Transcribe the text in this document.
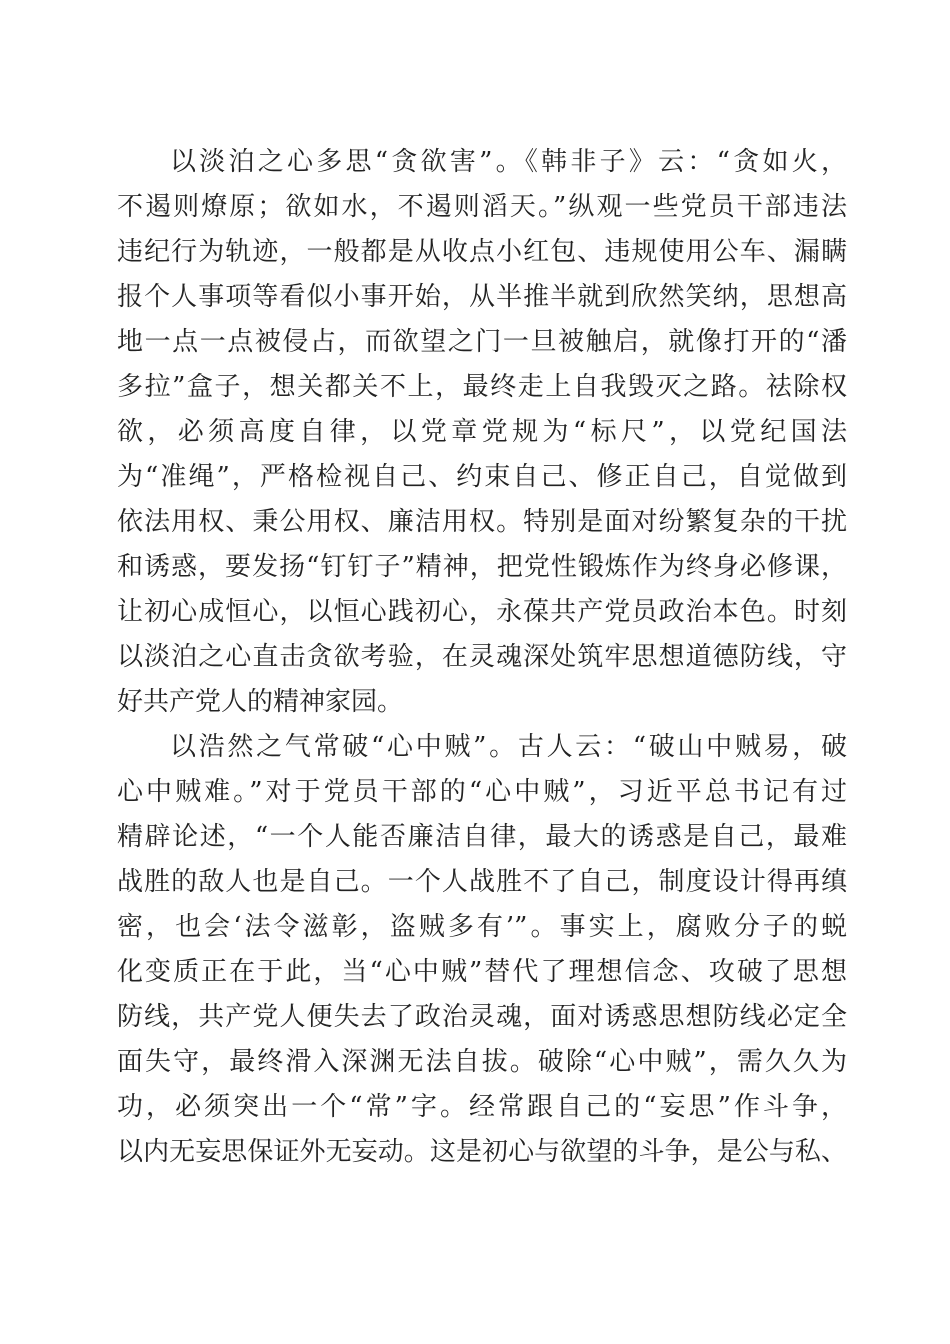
以淡泊之心多思“贪欲害”。《韩非子》云：“贪如火，
不遏则燎原；欲如水，不遏则滔天。”纵观一些党员干部违法
违纪行为轨迹，一般都是从收点小红包、违规使用公车、漏瞒
报个人事项等看似小事开始，从半推半就到欣然笑纳，思想高
地一点一点被侵占，而欲望之门一旦被触启，就像打开的“潘
多拉”盒子，想关都关不上，最终走上自我毁灭之路。祛除权
欲，必须高度自律，以党章党规为“标尺”，以党纪国法
为“准绳”，严格检视自己、约束自己、修正自己，自觉做到
依法用权、秉公用权、廉洁用权。特别是面对纷繁复杂的干扰
和诱惑，要发扬“钉钉子”精神，把党性锻炼作为终身必修课，
让初心成恒心，以恒心践初心，永葆共产党员政治本色。时刻
以淡泊之心直击贪欲考验，在灵魂深处筑牢思想道德防线，守
好共产党人的精神家园。
以浩然之气常破“心中贼”。古人云：“破山中贼易，破
心中贼难。”对于党员干部的“心中贼”，习近平总书记有过
精辟论述，“一个人能否廉洁自律，最大的诱惑是自己，最难
战胜的敌人也是自己。一个人战胜不了自己，制度设计得再缜
密，也会‘法令滋彰，盗贼多有’”。事实上，腐败分子的蜕
化变质正在于此，当“心中贼”替代了理想信念、攻破了思想
防线，共产党人便失去了政治灵魂，面对诱惑思想防线必定全
面失守，最终滑入深渊无法自拔。破除“心中贼”，需久久为
功，必须突出一个“常”字。经常跟自己的“妄思”作斗争，
以内无妄思保证外无妄动。这是初心与欲望的斗争，是公与私、
